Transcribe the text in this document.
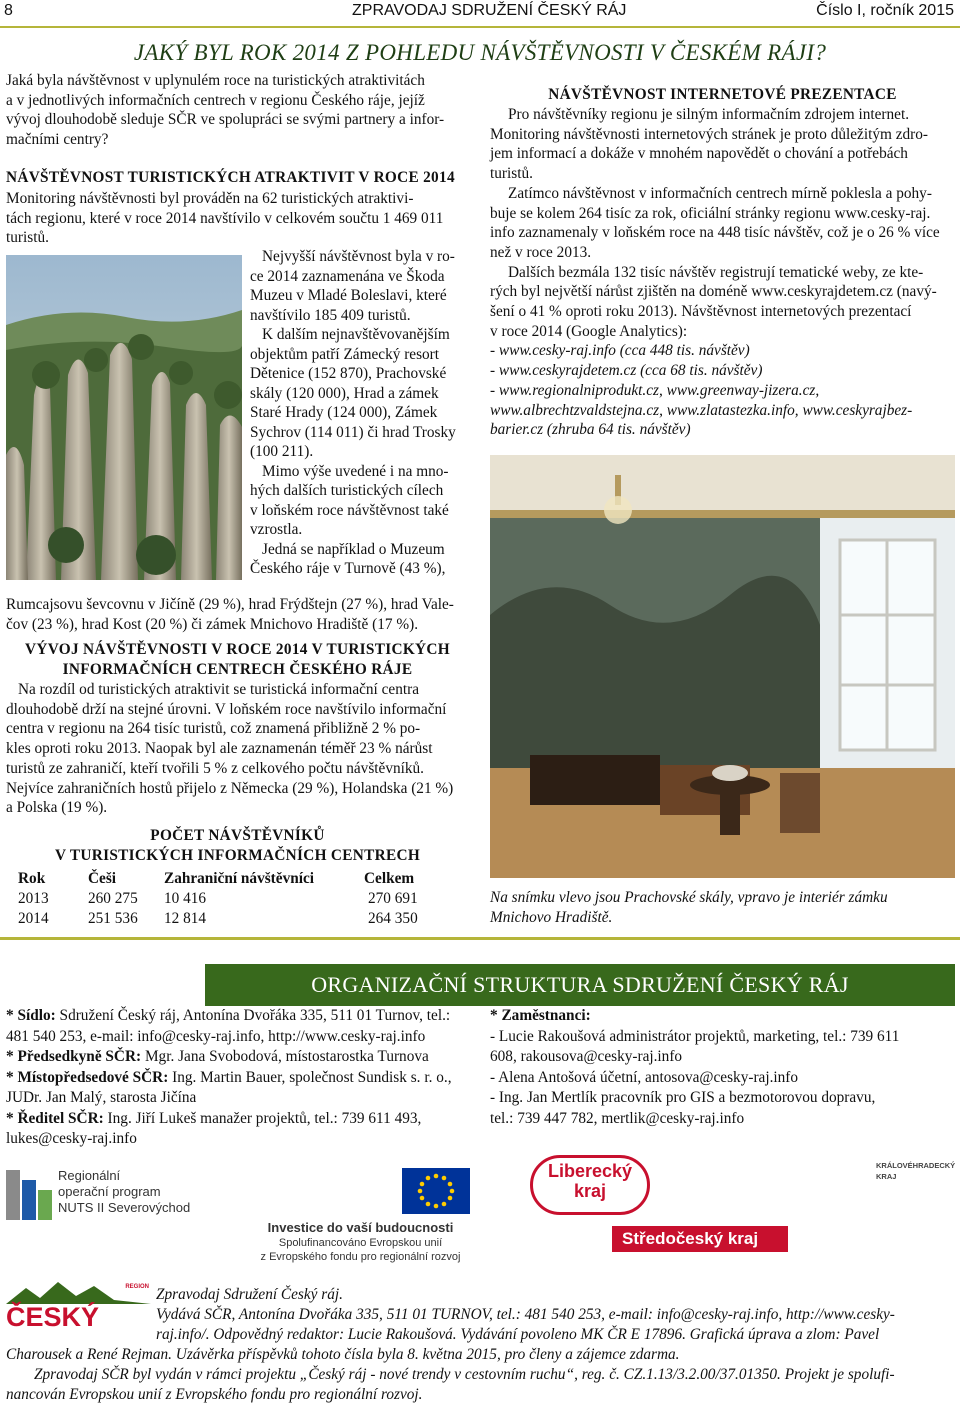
8	ZPRAVODAJ SDRUŽENÍ ČESKÝ RÁJ	Číslo I, ročník 2015
JAKÝ BYL ROK 2014 Z POHLEDU NÁVŠTĚVNOSTI V ČESKÉM RÁJI?
Jaká byla návštěvnost v uplynulém roce na turistických atraktivitách
a v jednotlivých informačních centrech v regionu Českého ráje, jejíž
vývoj dlouhodobě sleduje SČR ve spolupráci se svými partnery a infor-
mačními centry?
NÁVŠTĚVNOST TURISTICKÝCH ATRAKTIVIT V ROCE 2014
Monitoring návštěvnosti byl prováděn na 62 turistických atraktivi-
tách regionu, které v roce 2014 navštívilo v celkovém součtu 1 469 011
turistů.
Nejvyšší návštěvnost byla v ro-
ce 2014 zaznamenána ve Škoda
Muzeu v Mladé Boleslavi, které
navštívilo 185 409 turistů.
K dalším nejnavštěvovanějším
objektům patří Zámecký resort
Dětenice (152 870), Prachovské
skály (120 000), Hrad a zámek
Staré Hrady (124 000), Zámek
Sychrov (114 011) či hrad Trosky
(100 211).
Mimo výše uvedené i na mno-
hých dalších turistických cílech
v loňském roce návštěvnost také
vzrostla.
Jedná se například o Muzeum
Českého ráje v Turnově (43 %),
Rumcajsovu ševcovnu v Jičíně (29 %), hrad Frýdštejn (27 %), hrad Vale-
čov (23 %), hrad Kost (20 %) či zámek Mnichovo Hradiště (17 %).
VÝVOJ NÁVŠTĚVNOSTI V ROCE 2014 V TURISTICKÝCH
INFORMAČNÍCH CENTRECH ČESKÉHO RÁJE
Na rozdíl od turistických atraktivit se turistická informační centra
dlouhodobě drží na stejné úrovni. V loňském roce navštívilo informační
centra v regionu na 264 tisíc turistů, což znamená přibližně 2 % po-
kles oproti roku 2013. Naopak byl ale zaznamenán téměř 23 % nárůst
turistů ze zahraničí, kteří tvořili 5 % z celkového počtu návštěvníků.
Nejvíce zahraničních hostů přijelo z Německa (29 %), Holandska (21 %)
a Polska (19 %).
POČET NÁVŠTĚVNÍKŮ
V TURISTICKÝCH INFORMAČNÍCH CENTRECH
Rok	Češi	Zahraniční návštěvníci	Celkem
2013	260 275	10 416	270 691
2014	251 536	12 814	264 350
NÁVŠTĚVNOST INTERNETOVÉ PREZENTACE
Pro návštěvníky regionu je silným informačním zdrojem internet.
Monitoring návštěvnosti internetových stránek je proto důležitým zdro-
jem informací a dokáže v mnohém napovědět o chování a potřebách
turistů.
Zatímco návštěvnost v informačních centrech mírně poklesla a pohy-
buje se kolem 264 tisíc za rok, oficiální stránky regionu www.cesky-raj.
info zaznamenaly v loňském roce na 448 tisíc návštěv, což je o 26 % více
než v roce 2013.
Dalších bezmála 132 tisíc návštěv registrují tematické weby, ze kte-
rých byl největší nárůst zjištěn na doméně www.ceskyrajdetem.cz (navý-
šení o 41 % oproti roku 2013). Návštěvnost internetových prezentací
v roce 2014 (Google Analytics):
- www.cesky-raj.info (cca 448 tis. návštěv)
- www.ceskyrajdetem.cz (cca 68 tis. návštěv)
- www.regionalniprodukt.cz, www.greenway-jizera.cz,
www.albrechtzvaldstejna.cz, www.zlatastezka.info, www.ceskyrajbez-
barier.cz (zhruba 64 tis. návštěv)
Na snímku vlevo jsou Prachovské skály, vpravo je interiér zámku
Mnichovo Hradiště.
ORGANIZAČNÍ STRUKTURA SDRUŽENÍ ČESKÝ RÁJ
* Sídlo: Sdružení Český ráj, Antonína Dvořáka 335, 511 01 Turnov, tel.:
481 540 253, e-mail: info@cesky-raj.info, http://www.cesky-raj.info
* Předsedkyně SČR: Mgr. Jana Svobodová, místostarostka Turnova
* Místopředsedové SČR: Ing. Martin Bauer, společnost Sundisk s. r. o.,
JUDr. Jan Malý, starosta Jičína
* Ředitel SČR: Ing. Jiří Lukeš manažer projektů, tel.: 739 611 493,
lukes@cesky-raj.info
* Zaměstnanci:
- Lucie Rakoušová administrátor projektů, marketing, tel.: 739 611
608, rakousova@cesky-raj.info
- Alena Antošová účetní, antosova@cesky-raj.info
- Ing. Jan Mertlík pracovník pro GIS a bezmotorovou dopravu,
tel.: 739 447 782, mertlik@cesky-raj.info
Regionální
operační program
NUTS II Severovýchod
Investice do vaší budoucnosti
Spolufinancováno Evropskou unií
z Evropského fondu pro regionální rozvoj
Liberecký
kraj
KRÁLOVÉHRADECKÝ
KRAJ
Středočeský kraj
REGION
ČESKÝ
Zpravodaj Sdružení Český ráj.
Vydává SČR, Antonína Dvořáka 335, 511 01 TURNOV, tel.: 481 540 253, e-mail: info@cesky-raj.info, http://www.cesky-
raj.info/. Odpovědný redaktor: Lucie Rakoušová. Vydávání povoleno MK ČR E 17896. Grafická úprava a zlom: Pavel
Charousek a René Rejman. Uzávěrka příspěvků tohoto čísla byla 8. května 2015, pro členy a zájemce zdarma.
Zpravodaj SČR byl vydán v rámci projektu „Český ráj - nové trendy v cestovním ruchu“, reg. č. CZ.1.13/3.2.00/37.01350. Projekt je spolufi-
nancován Evropskou unií z Evropského fondu pro regionální rozvoj.
